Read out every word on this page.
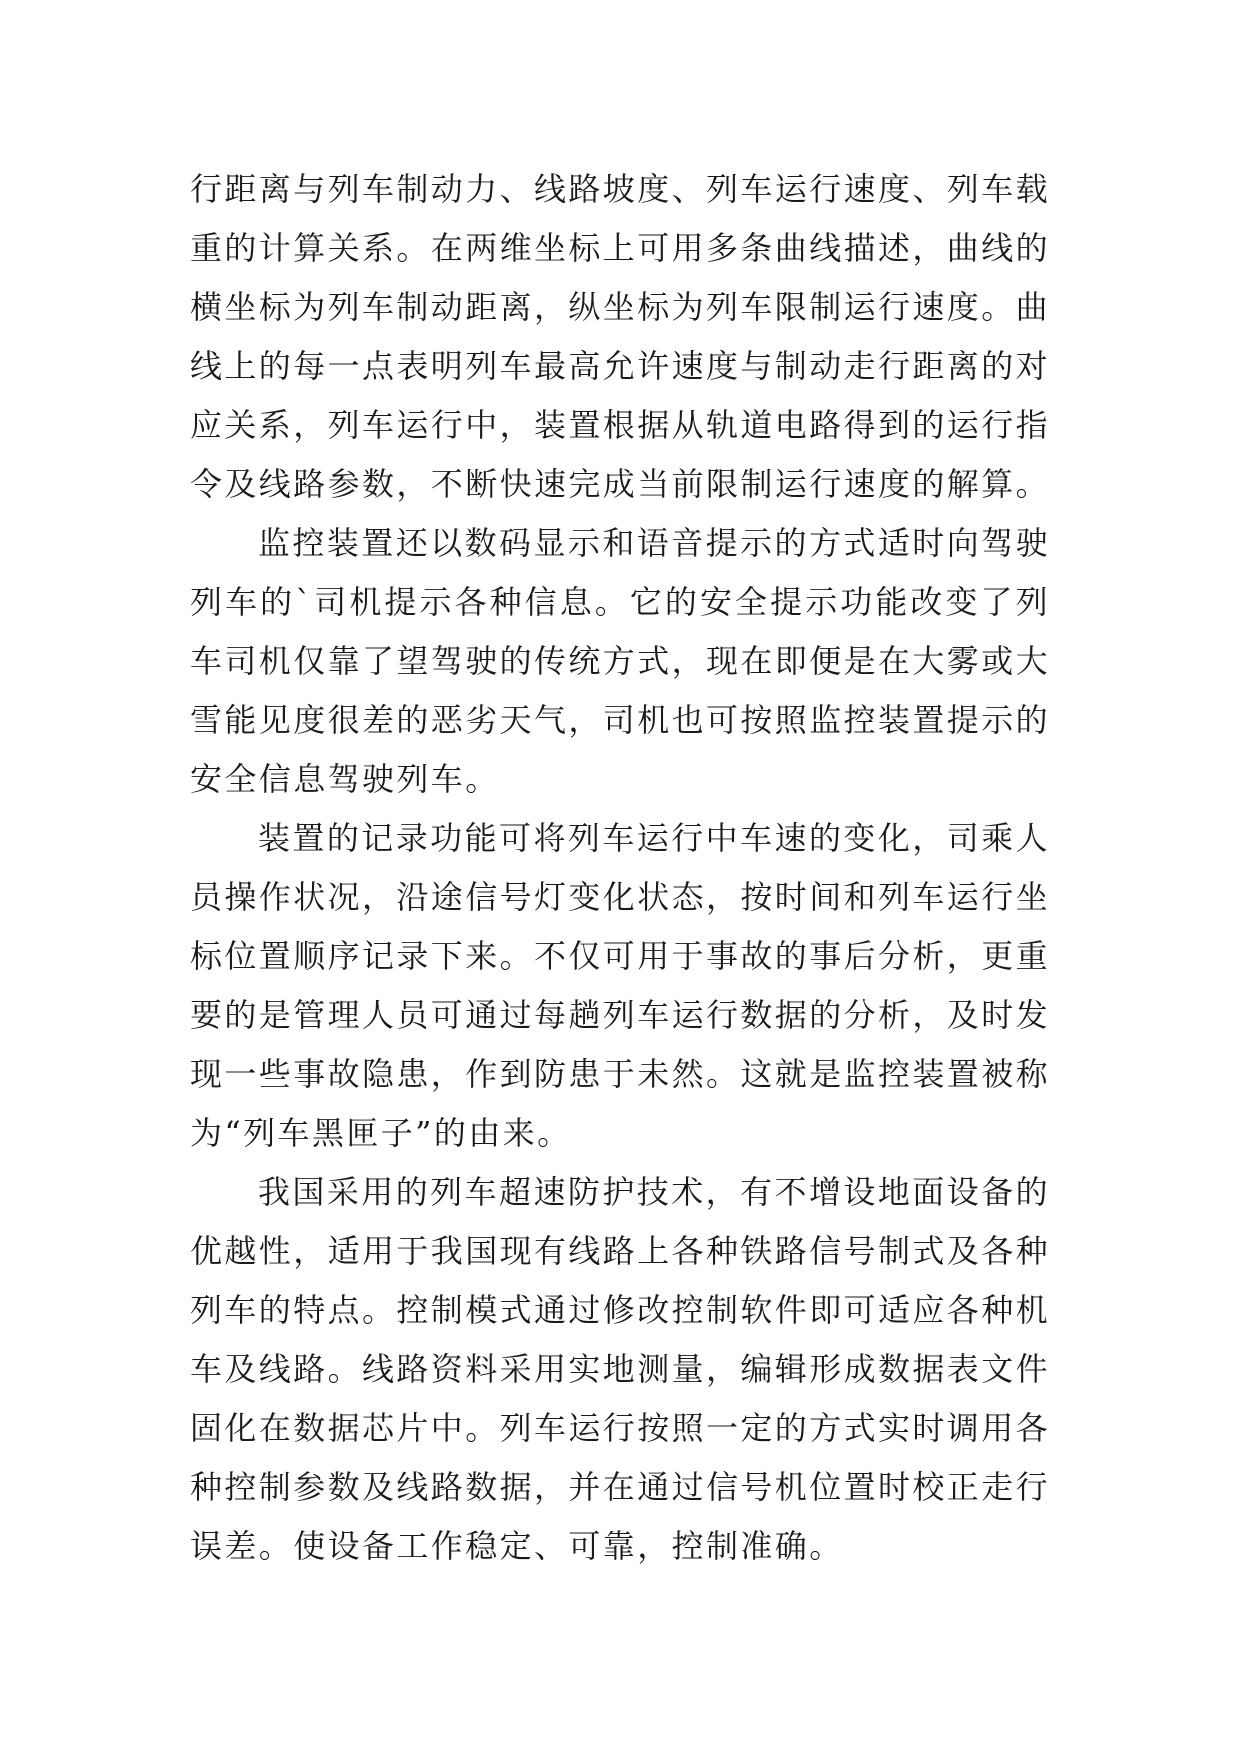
行距离与列车制动力、线路坡度、列车运行速度、列车载重的计算关系。在两维坐标上可用多条曲线描述，曲线的横坐标为列车制动距离，纵坐标为列车限制运行速度。曲线上的每一点表明列车最高允许速度与制动走行距离的对应关系，列车运行中，装置根据从轨道电路得到的运行指令及线路参数，不断快速完成当前限制运行速度的解算。

监控装置还以数码显示和语音提示的方式适时向驾驶列车的`司机提示各种信息。它的安全提示功能改变了列车司机仅靠了望驾驶的传统方式，现在即便是在大雾或大雪能见度很差的恶劣天气，司机也可按照监控装置提示的安全信息驾驶列车。

装置的记录功能可将列车运行中车速的变化，司乘人员操作状况，沿途信号灯变化状态，按时间和列车运行坐标位置顺序记录下来。不仅可用于事故的事后分析，更重要的是管理人员可通过每趟列车运行数据的分析，及时发现一些事故隐患，作到防患于未然。这就是监控装置被称为“列车黑匣子”的由来。

我国采用的列车超速防护技术，有不增设地面设备的优越性，适用于我国现有线路上各种铁路信号制式及各种列车的特点。控制模式通过修改控制软件即可适应各种机车及线路。线路资料采用实地测量，编辑形成数据表文件固化在数据芯片中。列车运行按照一定的方式实时调用各种控制参数及线路数据，并在通过信号机位置时校正走行误差。使设备工作稳定、可靠，控制准确。
